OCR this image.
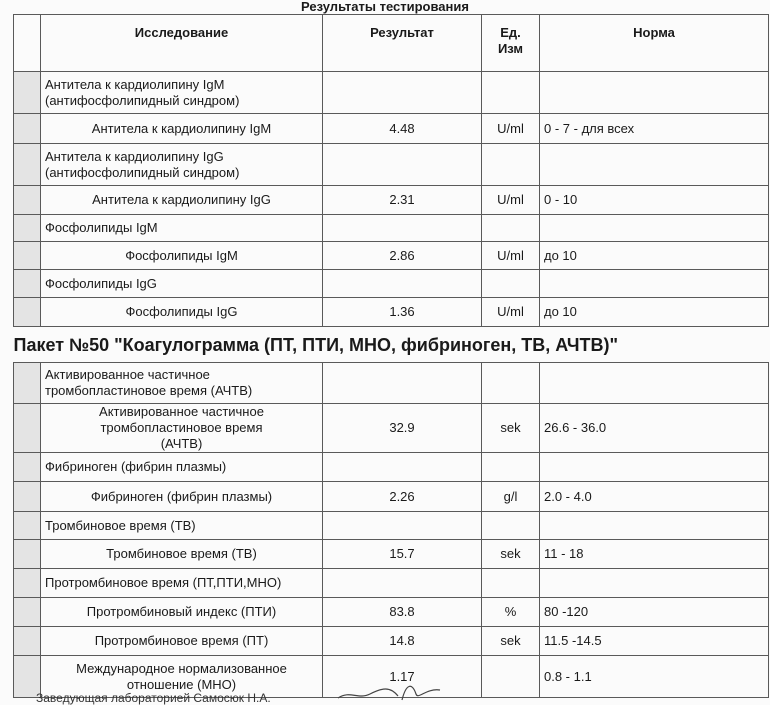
Результаты тестирования
	Исследование	Результат	Ед. Изм	Норма
	Антитела к кардиолипину IgM (антифосфолипидный синдром)			
	Антитела к кардиолипину IgM	4.48	U/ml	0 - 7 - для всех
	Антитела к кардиолипину IgG (антифосфолипидный синдром)			
	Антитела к кардиолипину IgG	2.31	U/ml	0 - 10
	Фосфолипиды IgM			
	Фосфолипиды IgM	2.86	U/ml	до 10
	Фосфолипиды IgG			
	Фосфолипиды IgG	1.36	U/ml	до 10
Пакет №50 "Коагулограмма (ПТ, ПТИ, МНО, фибриноген, ТВ, АЧТВ)"				
	Активированное частичное тромбопластиновое время (АЧТВ)			
	Активированное частичное тромбопластиновое время (АЧТВ)	32.9	sek	26.6 - 36.0
	Фибриноген (фибрин плазмы)			
	Фибриноген (фибрин плазмы)	2.26	g/l	2.0 - 4.0
	Тромбиновое время (ТВ)			
	Тромбиновое время (ТВ)	15.7	sek	11 - 18
	Протромбиновое время (ПТ,ПТИ,МНО)			
	Протромбиновый индекс (ПТИ)	83.8	%	80 -120
	Протромбиновое время (ПТ)	14.8	sek	11.5 -14.5
	Международное нормализованное отношение (МНО)	1.17		0.8 - 1.1
Заведующая лабораторией Самосюк Н.А.
